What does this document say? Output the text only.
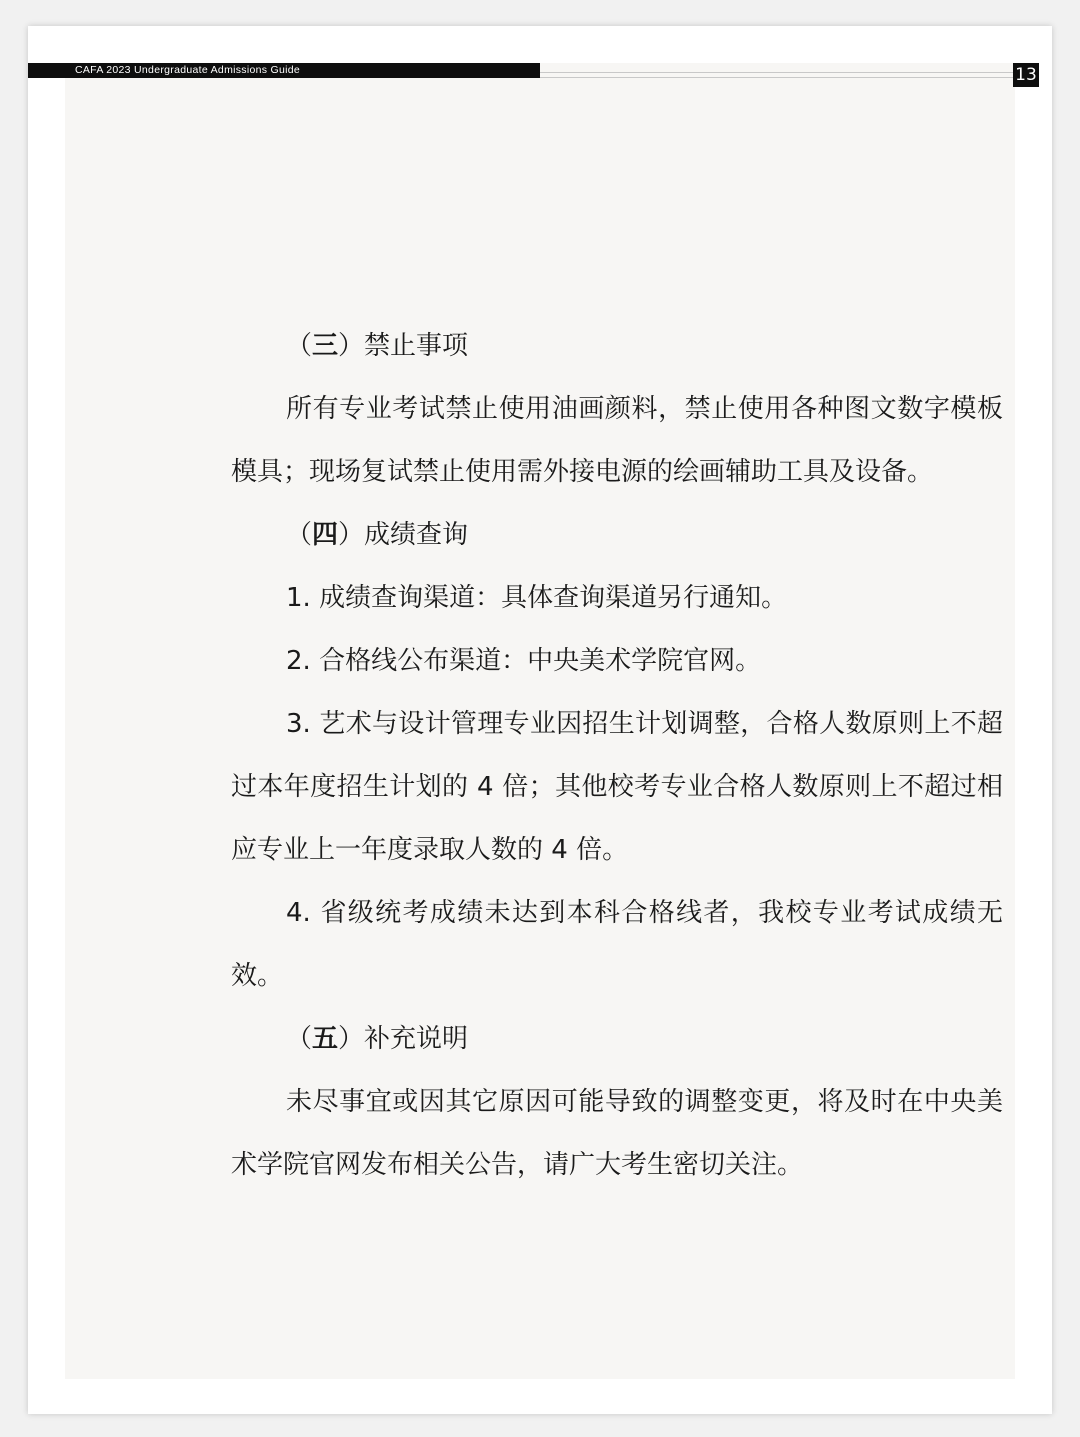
CAFA 2023 Undergraduate Admissions Guide	13

（三）禁止事项

所有专业考试禁止使用油画颜料，禁止使用各种图文数字模板模具；现场复试禁止使用需外接电源的绘画辅助工具及设备。

（四）成绩查询

1. 成绩查询渠道：具体查询渠道另行通知。

2. 合格线公布渠道：中央美术学院官网。

3. 艺术与设计管理专业因招生计划调整，合格人数原则上不超过本年度招生计划的 4 倍；其他校考专业合格人数原则上不超过相应专业上一年度录取人数的 4 倍。

4. 省级统考成绩未达到本科合格线者，我校专业考试成绩无效。

（五）补充说明

未尽事宜或因其它原因可能导致的调整变更，将及时在中央美术学院官网发布相关公告，请广大考生密切关注。
